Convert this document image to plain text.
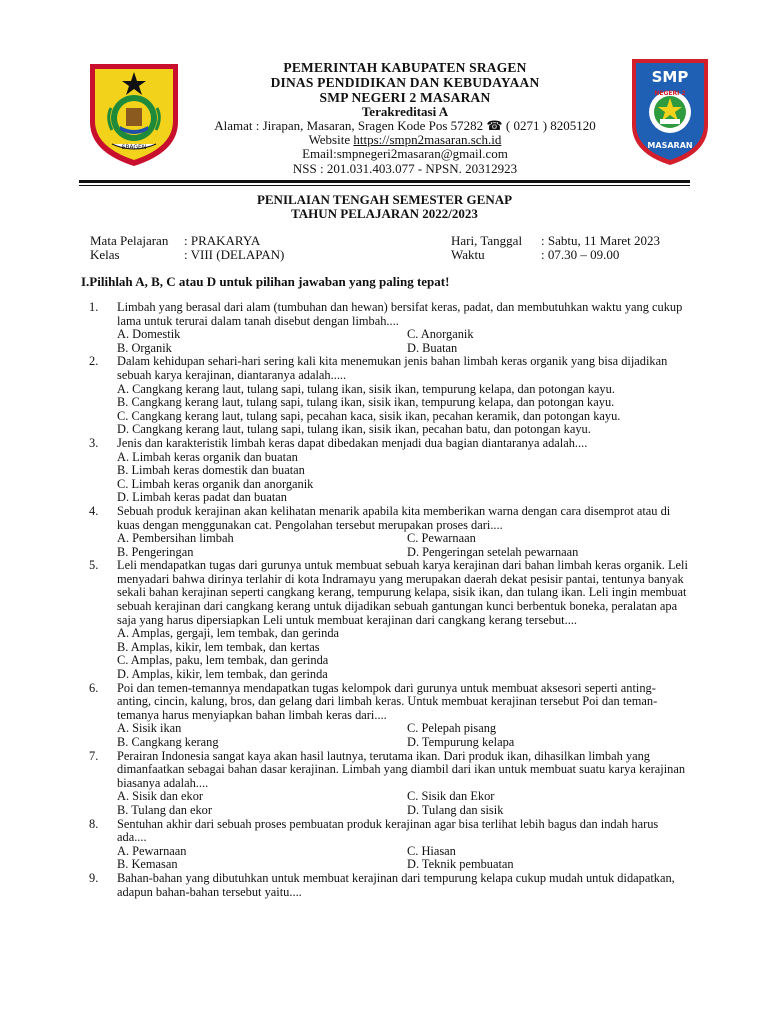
SRAGEN
PEMERINTAH KABUPATEN SRAGEN
DINAS PENDIDIKAN DAN KEBUDAYAAN
SMP NEGERI 2 MASARAN
Terakreditasi A
Alamat : Jirapan, Masaran, Sragen Kode Pos 57282 ☎ ( 0271 ) 8205120
Website https://smpn2masaran.sch.id
Email:smpnegeri2masaran@gmail.com
NSS : 201.031.403.077 - NPSN. 20312923
SMP
NEGERI 2
MASARAN
PENILAIAN TENGAH SEMESTER GENAP
TAHUN PELAJARAN 2022/2023
Mata Pelajaran : PRAKARYA
Kelas	: VIII (DELAPAN)
Hari, Tanggal : Sabtu, 11 Maret 2023
Waktu	: 07.30 – 09.00
I.Pilihlah A, B, C atau D untuk pilihan jawaban yang paling tepat!
1. Limbah yang berasal dari alam (tumbuhan dan hewan) bersifat keras, padat, dan membutuhkan waktu yang cukup lama untuk terurai dalam tanah disebut dengan limbah....
A. Domestik	C. Anorganik
B. Organik	D. Buatan
2. Dalam kehidupan sehari-hari sering kali kita menemukan jenis bahan limbah keras organik yang bisa dijadikan sebuah karya kerajinan, diantaranya adalah.....
A. Cangkang kerang laut, tulang sapi, tulang ikan, sisik ikan, tempurung kelapa, dan potongan kayu.
B. Cangkang kerang laut, tulang sapi, tulang ikan, sisik ikan, tempurung kelapa, dan potongan kayu.
C. Cangkang kerang laut, tulang sapi, pecahan kaca, sisik ikan, pecahan keramik, dan potongan kayu.
D. Cangkang kerang laut, tulang sapi, tulang ikan, sisik ikan, pecahan batu, dan potongan kayu.
3. Jenis dan karakteristik limbah keras dapat dibedakan menjadi dua bagian diantaranya adalah....
A. Limbah keras organik dan buatan
B. Limbah keras domestik dan buatan
C. Limbah keras organik dan anorganik
D. Limbah keras padat dan buatan
4. Sebuah produk kerajinan akan kelihatan menarik apabila kita memberikan warna dengan cara disemprot atau di kuas dengan menggunakan cat. Pengolahan tersebut merupakan proses dari....
A. Pembersihan limbah	C. Pewarnaan
B. Pengeringan	D. Pengeringan setelah pewarnaan
5. Leli mendapatkan tugas dari gurunya untuk membuat sebuah karya kerajinan dari bahan limbah keras organik. Leli menyadari bahwa dirinya terlahir di kota Indramayu yang merupakan daerah dekat pesisir pantai, tentunya banyak sekali bahan kerajinan seperti cangkang kerang, tempurung kelapa, sisik ikan, dan tulang ikan. Leli ingin membuat sebuah kerajinan dari cangkang kerang untuk dijadikan sebuah gantungan kunci berbentuk boneka, peralatan apa saja yang harus dipersiapkan Leli untuk membuat kerajinan dari cangkang kerang tersebut....
A. Amplas, gergaji, lem tembak, dan gerinda
B. Amplas, kikir, lem tembak, dan kertas
C. Amplas, paku, lem tembak, dan gerinda
D. Amplas, kikir, lem tembak, dan gerinda
6. Poi dan temen-temannya mendapatkan tugas kelompok dari gurunya untuk membuat aksesori seperti anting-anting, cincin, kalung, bros, dan gelang dari limbah keras. Untuk membuat kerajinan tersebut Poi dan teman-temanya harus menyiapkan bahan limbah keras dari....
A. Sisik ikan	C. Pelepah pisang
B. Cangkang kerang	D. Tempurung kelapa
7. Perairan Indonesia sangat kaya akan hasil lautnya, terutama ikan. Dari produk ikan, dihasilkan limbah yang dimanfaatkan sebagai bahan dasar kerajinan. Limbah yang diambil dari ikan untuk membuat suatu karya kerajinan biasanya adalah....
A. Sisik dan ekor	C. Sisik dan Ekor
B. Tulang dan ekor	D. Tulang dan sisik
8. Sentuhan akhir dari sebuah proses pembuatan produk kerajinan agar bisa terlihat lebih bagus dan indah harus ada....
A. Pewarnaan	C. Hiasan
B. Kemasan	D. Teknik pembuatan
9. Bahan-bahan yang dibutuhkan untuk membuat kerajinan dari tempurung kelapa cukup mudah untuk didapatkan, adapun bahan-bahan tersebut yaitu....
